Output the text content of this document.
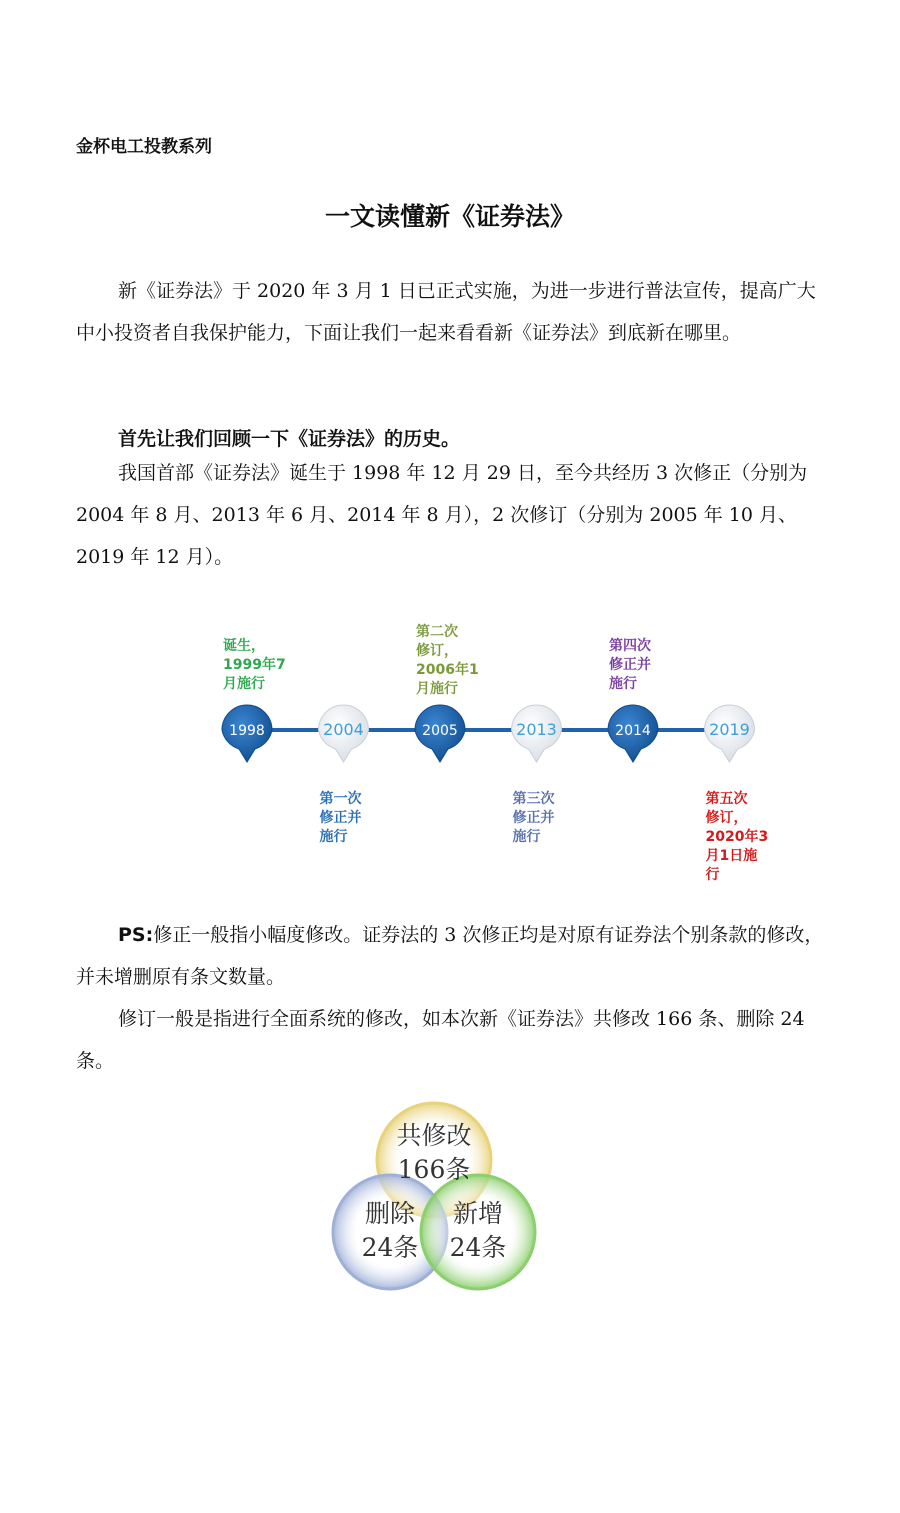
金杯电工投教系列
一文读懂新《证券法》
新《证券法》于 2020 年 3 月 1 日已正式实施，为进一步进行普法宣传，提高广大中小投资者自我保护能力，下面让我们一起来看看新《证券法》到底新在哪里。
首先让我们回顾一下《证券法》的历史。
我国首部《证券法》诞生于 1998 年 12 月 29 日，至今共经历 3 次修正（分别为 2004 年 8 月、2013 年 6 月、2014 年 8 月），2 次修订（分别为 2005 年 10 月、2019 年 12 月）。
1998
诞生， 1999年7 月施行
2004
第一次修正并施行
2005
第二次修订， 2006年1 月施行
2013
第三次修正并施行
2014
第四次修正并施行
2019
第五次修订， 2020年3 月1日施行
PS:修正一般指小幅度修改。证券法的 3 次修正均是对原有证券法个别条款的修改，并未增删原有条文数量。
修订一般是指进行全面系统的修改，如本次新《证券法》共修改 166 条、删除 24 条。
共修改
166条
删除
24条
新增
24条
